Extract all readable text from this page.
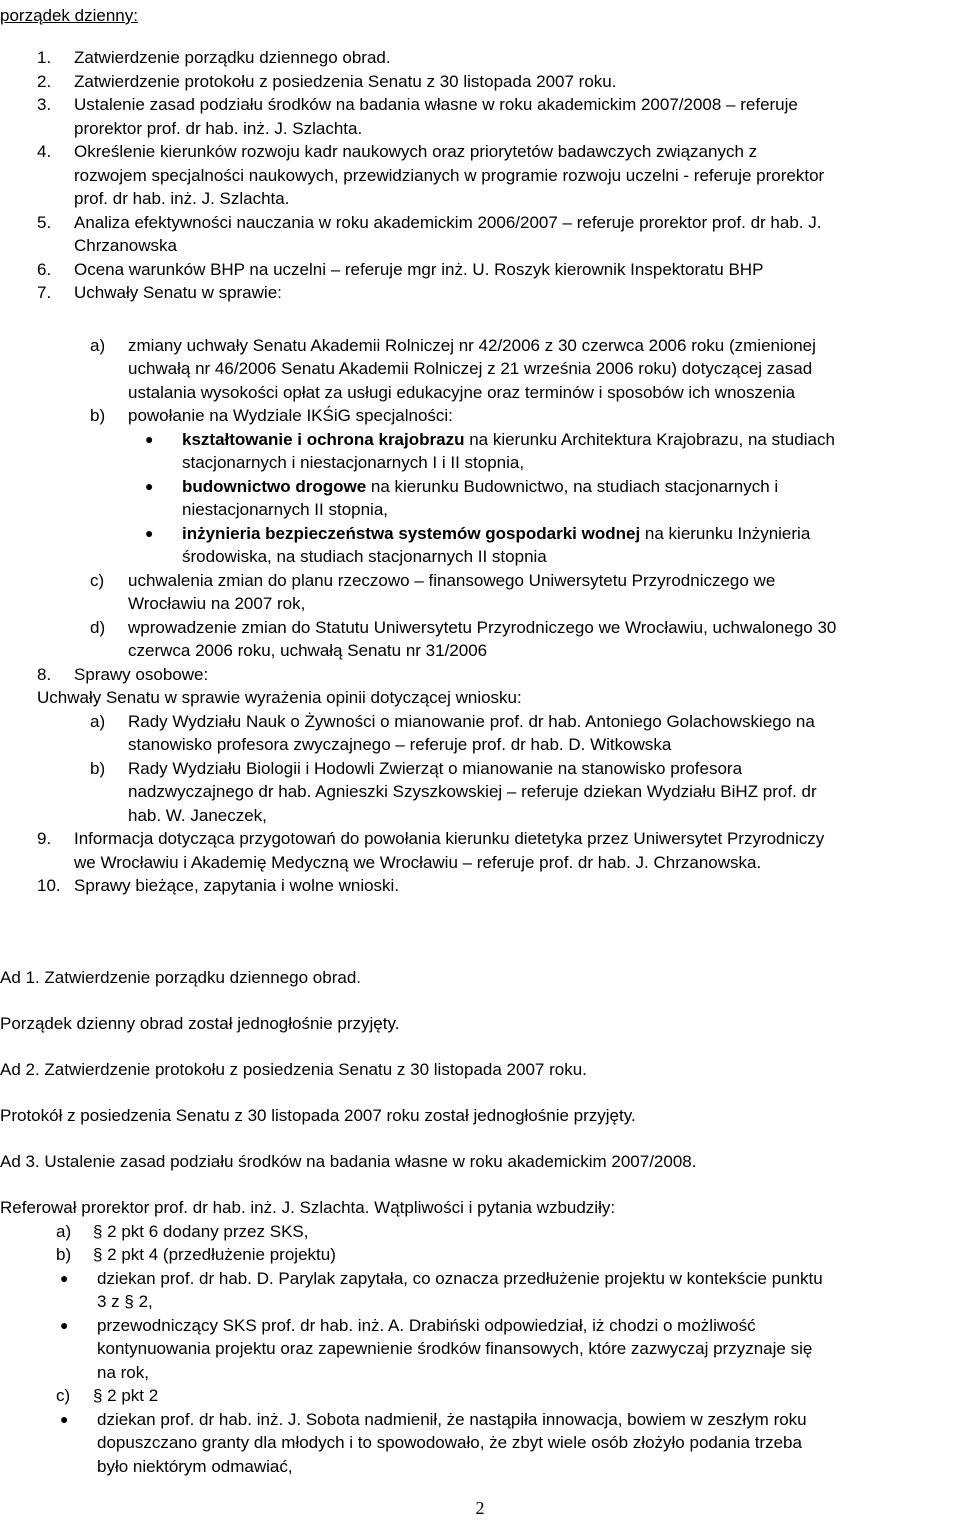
porządek dzienny:
1. Zatwierdzenie porządku dziennego obrad.
2. Zatwierdzenie protokołu z posiedzenia Senatu z 30 listopada 2007 roku.
3. Ustalenie zasad podziału środków na badania własne w roku akademickim 2007/2008 – referuje
prorektor prof. dr hab. inż. J. Szlachta.
4. Określenie kierunków rozwoju kadr naukowych oraz priorytetów badawczych związanych z
rozwojem specjalności naukowych, przewidzianych w programie rozwoju uczelni - referuje prorektor
prof. dr hab. inż. J. Szlachta.
5. Analiza efektywności nauczania w roku akademickim 2006/2007 – referuje prorektor prof. dr hab. J.
Chrzanowska
6. Ocena warunków BHP na uczelni – referuje mgr inż. U. Roszyk kierownik Inspektoratu BHP
7. Uchwały Senatu w sprawie:
a) zmiany uchwały Senatu Akademii Rolniczej nr 42/2006 z 30 czerwca 2006 roku (zmienionej
uchwałą nr 46/2006 Senatu Akademii Rolniczej z 21 września 2006 roku) dotyczącej zasad
ustalania wysokości opłat za usługi edukacyjne oraz terminów i sposobów ich wnoszenia
b) powołanie na Wydziale IKŚiG specjalności:
● kształtowanie i ochrona krajobrazu na kierunku Architektura Krajobrazu, na studiach
stacjonarnych i niestacjonarnych I i II stopnia,
● budownictwo drogowe na kierunku Budownictwo, na studiach stacjonarnych i
niestacjonarnych II stopnia,
● inżynieria bezpieczeństwa systemów gospodarki wodnej na kierunku Inżynieria
środowiska, na studiach stacjonarnych II stopnia
c) uchwalenia zmian do planu rzeczowo – finansowego Uniwersytetu Przyrodniczego we
Wrocławiu na 2007 rok,
d) wprowadzenie zmian do Statutu Uniwersytetu Przyrodniczego we Wrocławiu, uchwalonego 30
czerwca 2006 roku, uchwałą Senatu nr 31/2006
8. Sprawy osobowe:
Uchwały Senatu w sprawie wyrażenia opinii dotyczącej wniosku:
a) Rady Wydziału Nauk o Żywności o mianowanie prof. dr hab. Antoniego Golachowskiego na
stanowisko profesora zwyczajnego – referuje prof. dr hab. D. Witkowska
b) Rady Wydziału Biologii i Hodowli Zwierząt o mianowanie na stanowisko profesora
nadzwyczajnego dr hab. Agnieszki Szyszkowskiej – referuje dziekan Wydziału BiHZ prof. dr
hab. W. Janeczek,
9. Informacja dotycząca przygotowań do powołania kierunku dietetyka przez Uniwersytet Przyrodniczy
we Wrocławiu i Akademię Medyczną we Wrocławiu – referuje prof. dr hab. J. Chrzanowska.
10. Sprawy bieżące, zapytania i wolne wnioski.
Ad 1. Zatwierdzenie porządku dziennego obrad.
Porządek dzienny obrad został jednogłośnie przyjęty.
Ad 2. Zatwierdzenie protokołu z posiedzenia Senatu z 30 listopada 2007 roku.
Protokół z posiedzenia Senatu z 30 listopada 2007 roku został jednogłośnie przyjęty.
Ad 3. Ustalenie zasad podziału środków na badania własne w roku akademickim 2007/2008.
Referował prorektor prof. dr hab. inż. J. Szlachta. Wątpliwości i pytania wzbudziły:
a) § 2 pkt 6 dodany przez SKS,
b) § 2 pkt 4 (przedłużenie projektu)
● dziekan prof. dr hab. D. Parylak zapytała, co oznacza przedłużenie projektu w kontekście punktu
3 z § 2,
● przewodniczący SKS prof. dr hab. inż. A. Drabiński odpowiedział, iż chodzi o możliwość
kontynuowania projektu oraz zapewnienie środków finansowych, które zazwyczaj przyznaje się
na rok,
c) § 2 pkt 2
● dziekan prof. dr hab. inż. J. Sobota nadmienił, że nastąpiła innowacja, bowiem w zeszłym roku
dopuszczano granty dla młodych i to spowodowało, że zbyt wiele osób złożyło podania trzeba
było niektórym odmawiać,
2
